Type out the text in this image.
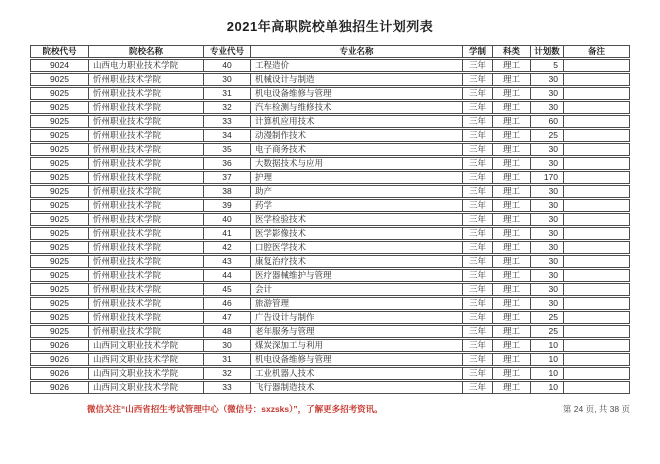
2021年高职院校单独招生计划列表
院校代号	院校名称	专业代号	专业名称	学制	科类	计划数	备注
9024	山西电力职业技术学院	40	工程造价	三年	理工	5	
9025	忻州职业技术学院	30	机械设计与制造	三年	理工	30	
9025	忻州职业技术学院	31	机电设备维修与管理	三年	理工	30	
9025	忻州职业技术学院	32	汽车检测与维修技术	三年	理工	30	
9025	忻州职业技术学院	33	计算机应用技术	三年	理工	60	
9025	忻州职业技术学院	34	动漫制作技术	三年	理工	25	
9025	忻州职业技术学院	35	电子商务技术	三年	理工	30	
9025	忻州职业技术学院	36	大数据技术与应用	三年	理工	30	
9025	忻州职业技术学院	37	护理	三年	理工	170	
9025	忻州职业技术学院	38	助产	三年	理工	30	
9025	忻州职业技术学院	39	药学	三年	理工	30	
9025	忻州职业技术学院	40	医学检验技术	三年	理工	30	
9025	忻州职业技术学院	41	医学影像技术	三年	理工	30	
9025	忻州职业技术学院	42	口腔医学技术	三年	理工	30	
9025	忻州职业技术学院	43	康复治疗技术	三年	理工	30	
9025	忻州职业技术学院	44	医疗器械维护与管理	三年	理工	30	
9025	忻州职业技术学院	45	会计	三年	理工	30	
9025	忻州职业技术学院	46	旅游管理	三年	理工	30	
9025	忻州职业技术学院	47	广告设计与制作	三年	理工	25	
9025	忻州职业技术学院	48	老年服务与管理	三年	理工	25	
9026	山西同文职业技术学院	30	煤炭深加工与利用	三年	理工	10	
9026	山西同文职业技术学院	31	机电设备维修与管理	三年	理工	10	
9026	山西同文职业技术学院	32	工业机器人技术	三年	理工	10	
9026	山西同文职业技术学院	33	飞行器制造技术	三年	理工	10	
微信关注“山西省招生考试管理中心（微信号：sxzsks）”，了解更多招考资讯。	第 24 页, 共 38 页
